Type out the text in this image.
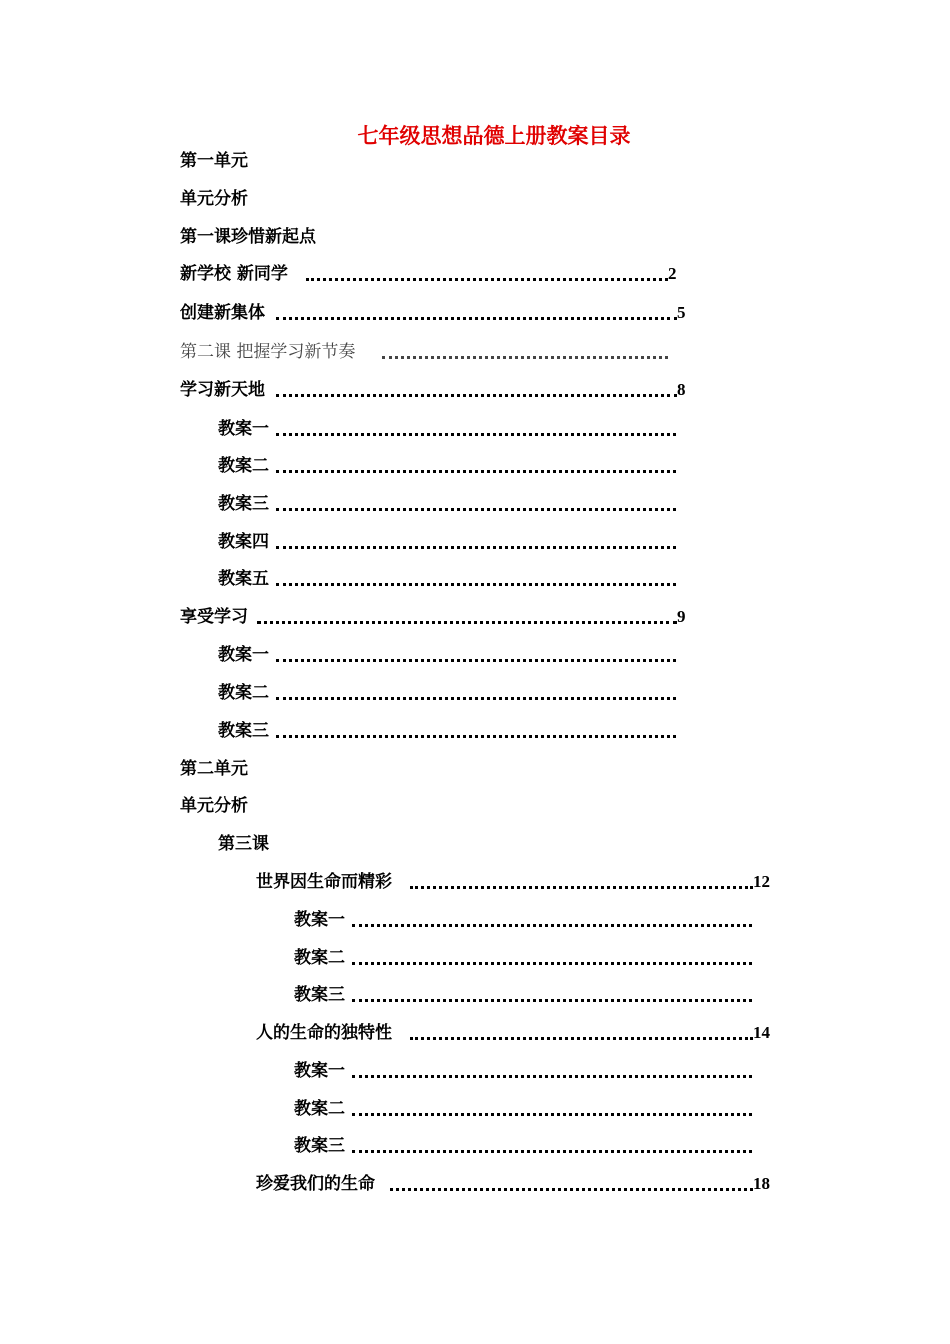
七年级思想品德上册教案目录
第一单元
单元分析
第一课珍惜新起点
新学校 新同学	2
创建新集体	5
第二课 把握学习新节奏
学习新天地	8
教案一
教案二
教案三
教案四
教案五
享受学习	9
教案一
教案二
教案三
第二单元
单元分析
第三课
世界因生命而精彩	12
教案一
教案二
教案三
人的生命的独特性	14
教案一
教案二
教案三
珍爱我们的生命	18
